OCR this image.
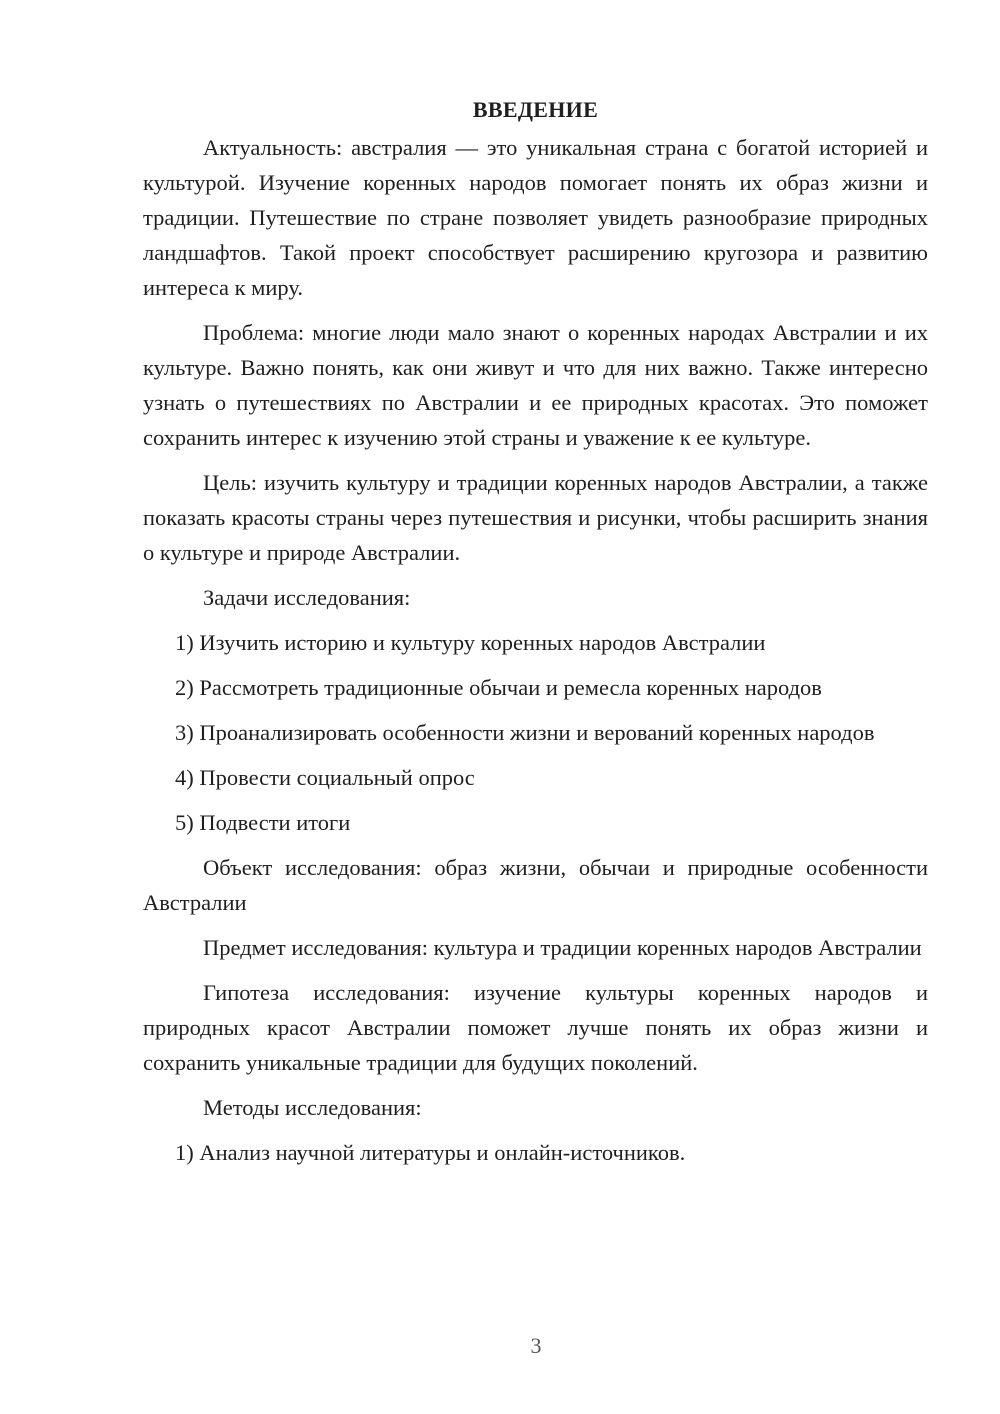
ВВЕДЕНИЕ

Актуальность: австралия — это уникальная страна с богатой историей и культурой. Изучение коренных народов помогает понять их образ жизни и традиции. Путешествие по стране позволяет увидеть разнообразие природных ландшафтов. Такой проект способствует расширению кругозора и развитию интереса к миру.

Проблема: многие люди мало знают о коренных народах Австралии и их культуре. Важно понять, как они живут и что для них важно. Также интересно узнать о путешествиях по Австралии и ее природных красотах. Это поможет сохранить интерес к изучению этой страны и уважение к ее культуре.

Цель: изучить культуру и традиции коренных народов Австралии, а также показать красоты страны через путешествия и рисунки, чтобы расширить знания о культуре и природе Австралии.

Задачи исследования:

1) Изучить историю и культуру коренных народов Австралии

2) Рассмотреть традиционные обычаи и ремесла коренных народов

3) Проанализировать особенности жизни и верований коренных народов

4) Провести социальный опрос

5) Подвести итоги

Объект исследования: образ жизни, обычаи и природные особенности Австралии

Предмет исследования: культура и традиции коренных народов Австралии

Гипотеза исследования: изучение культуры коренных народов и природных красот Австралии поможет лучше понять их образ жизни и сохранить уникальные традиции для будущих поколений.

Методы исследования:

1) Анализ научной литературы и онлайн-источников.

3
